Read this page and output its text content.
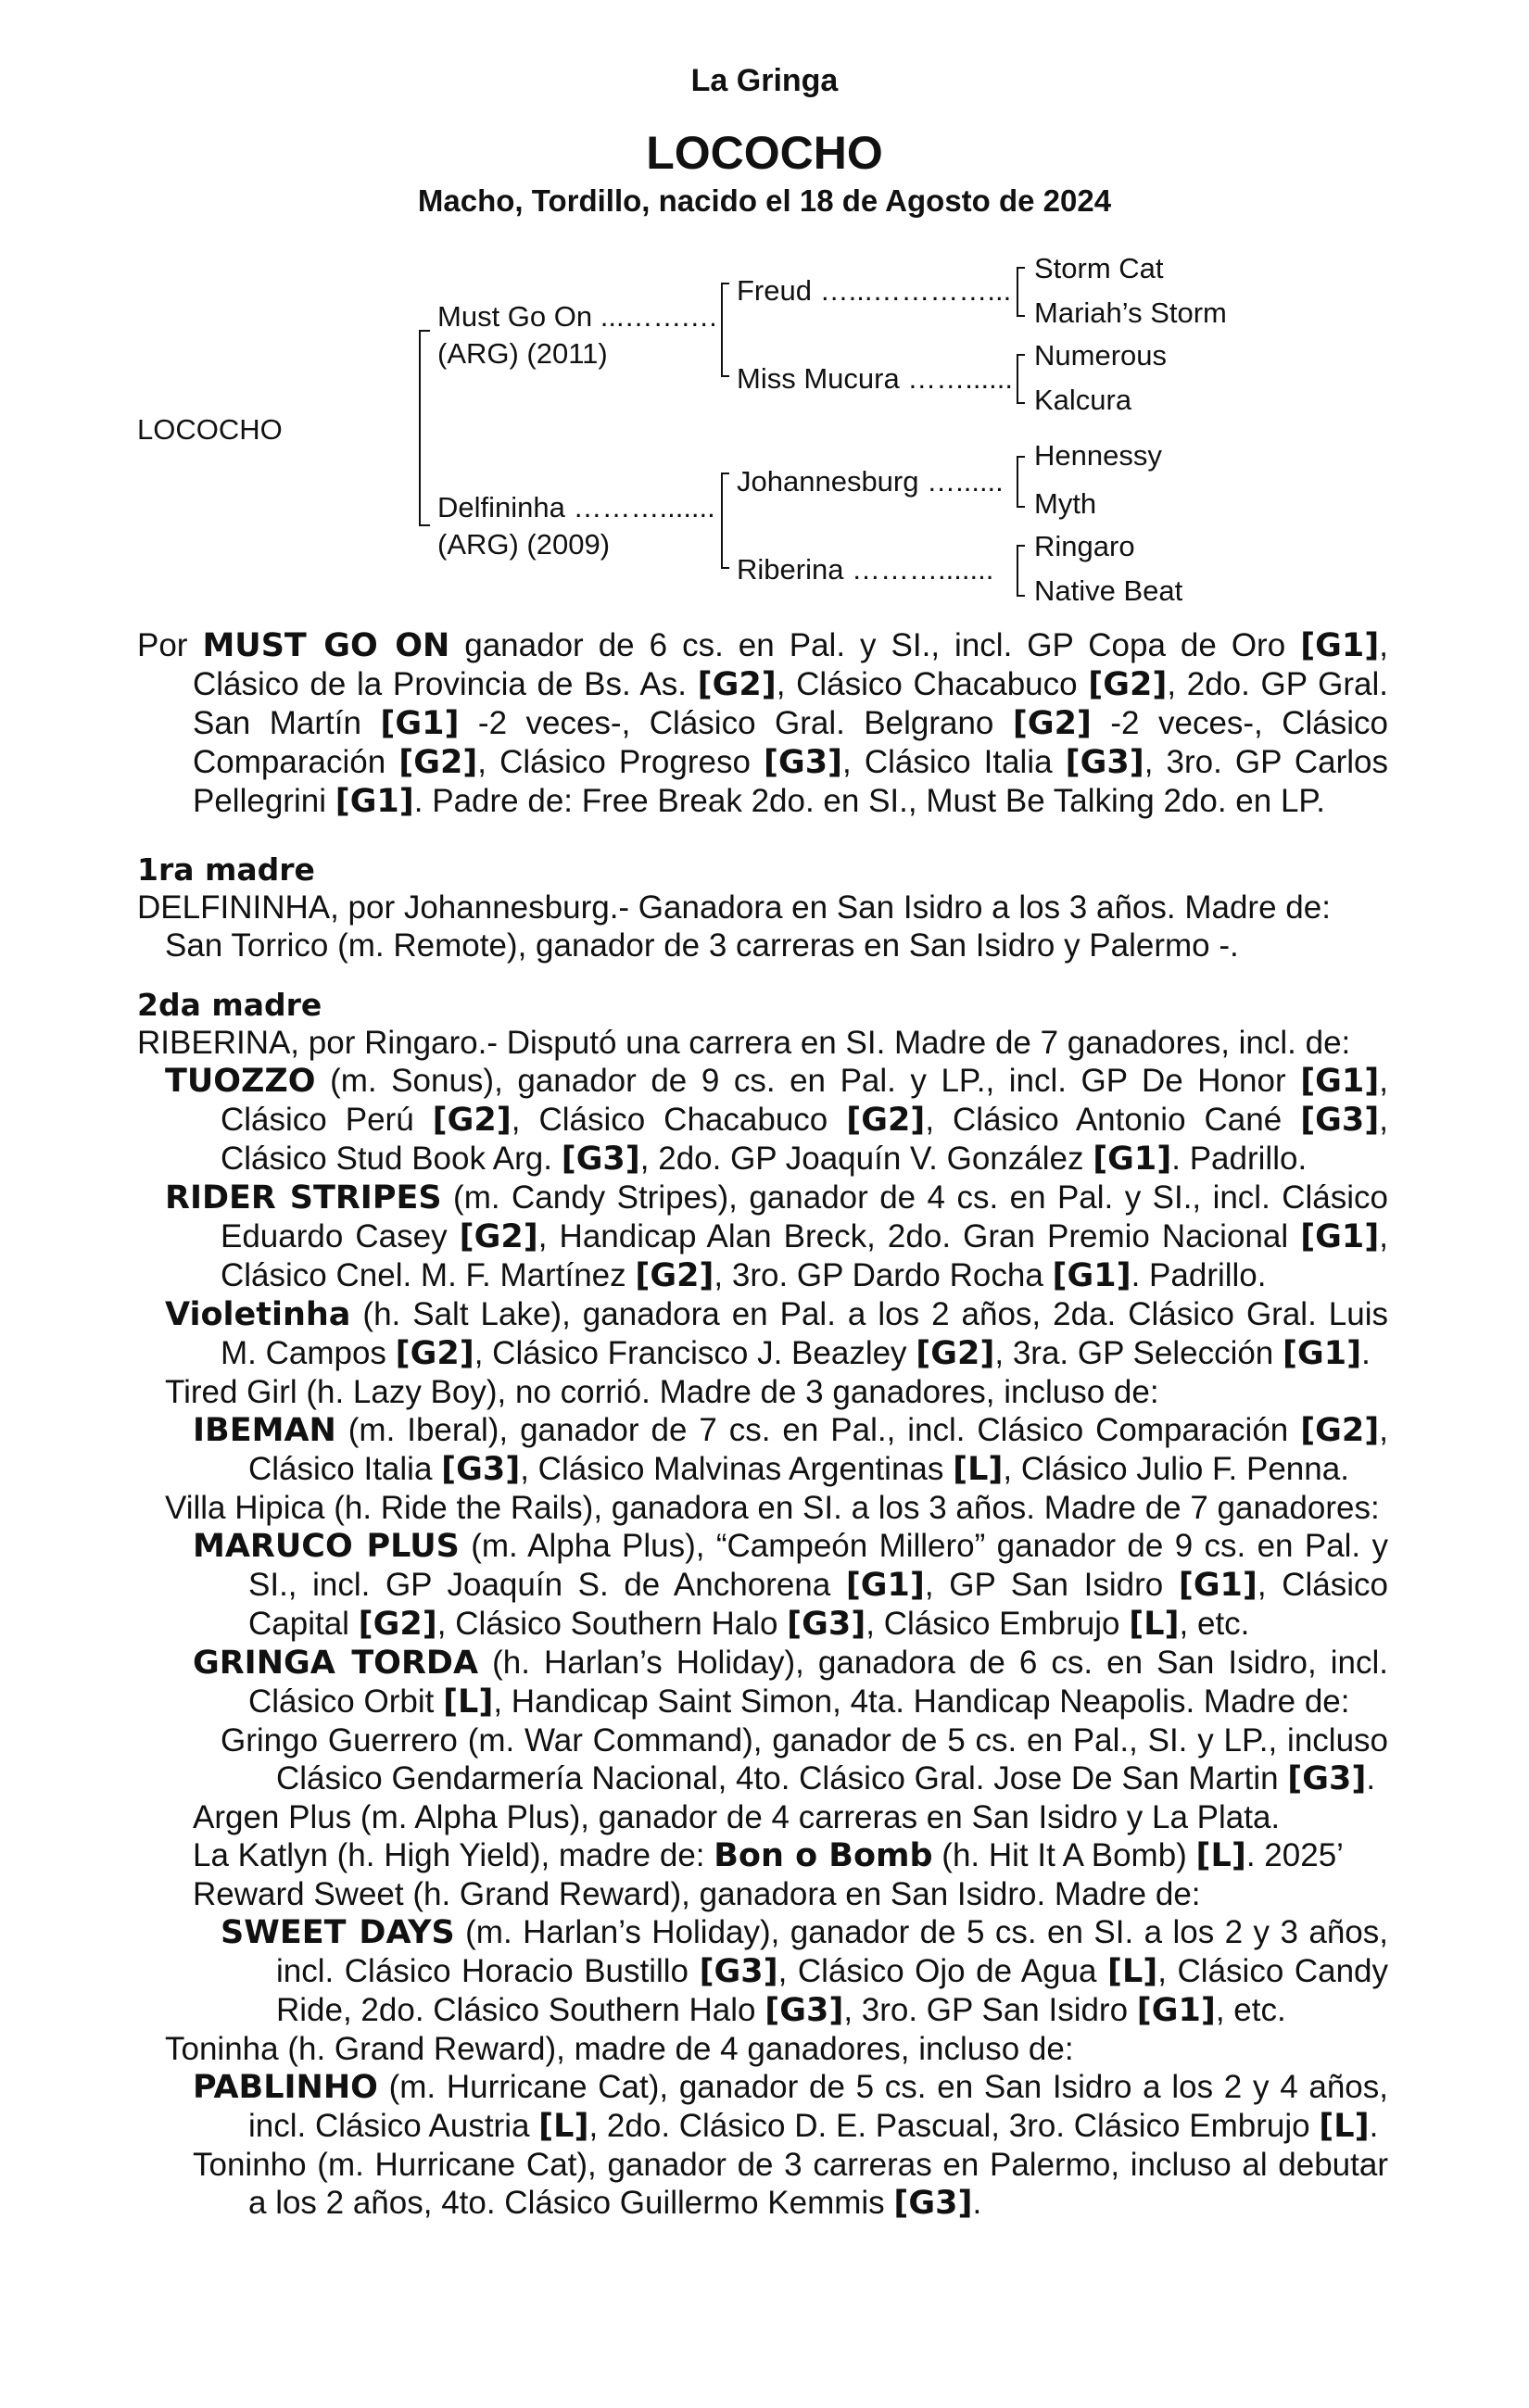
La Gringa
LOCOCHO
Macho, Tordillo, nacido el 18 de Agosto de 2024
LOCOCHO
Must Go On ...…….…
(ARG) (2011)
Delfininha ……….......
(ARG) (2009)
Freud …...…………...
Miss Mucura ……......
Johannesburg …......
Riberina ……….......
Storm Cat
Mariah’s Storm
Numerous
Kalcura
Hennessy
Myth
Ringaro
Native Beat

Por MUST GO ON ganador de 6 cs. en Pal. y SI., incl. GP Copa de Oro [G1], Clásico de la Provincia de Bs. As. [G2], Clásico Chacabuco [G2], 2do. GP Gral. San Martín [G1] -2 veces-, Clásico Gral. Belgrano [G2] -2 veces-, Clásico Comparación [G2], Clásico Progreso [G3], Clásico Italia [G3], 3ro. GP Carlos Pellegrini [G1]. Padre de: Free Break 2do. en SI., Must Be Talking 2do. en LP.

1ra madre

DELFININHA, por Johannesburg.- Ganadora en San Isidro a los 3 años. Madre de: San Torrico (m. Remote), ganador de 3 carreras en San Isidro y Palermo -.

2da madre

RIBERINA, por Ringaro.- Disputó una carrera en SI. Madre de 7 ganadores, incl. de:

TUOZZO (m. Sonus), ganador de 9 cs. en Pal. y LP., incl. GP De Honor [G1], Clásico Perú [G2], Clásico Chacabuco [G2], Clásico Antonio Cané [G3], Clásico Stud Book Arg. [G3], 2do. GP Joaquín V. González [G1]. Padrillo.

RIDER STRIPES (m. Candy Stripes), ganador de 4 cs. en Pal. y SI., incl. Clásico Eduardo Casey [G2], Handicap Alan Breck, 2do. Gran Premio Nacional [G1], Clásico Cnel. M. F. Martínez [G2], 3ro. GP Dardo Rocha [G1]. Padrillo.

Violetinha (h. Salt Lake), ganadora en Pal. a los 2 años, 2da. Clásico Gral. Luis M. Campos [G2], Clásico Francisco J. Beazley [G2], 3ra. GP Selección [G1].

Tired Girl (h. Lazy Boy), no corrió. Madre de 3 ganadores, incluso de:

IBEMAN (m. Iberal), ganador de 7 cs. en Pal., incl. Clásico Comparación [G2], Clásico Italia [G3], Clásico Malvinas Argentinas [L], Clásico Julio F. Penna.

Villa Hipica (h. Ride the Rails), ganadora en SI. a los 3 años. Madre de 7 ganadores:

MARUCO PLUS (m. Alpha Plus), “Campeón Millero” ganador de 9 cs. en Pal. y SI., incl. GP Joaquín S. de Anchorena [G1], GP San Isidro [G1], Clásico Capital [G2], Clásico Southern Halo [G3], Clásico Embrujo [L], etc.

GRINGA TORDA (h. Harlan’s Holiday), ganadora de 6 cs. en San Isidro, incl. Clásico Orbit [L], Handicap Saint Simon, 4ta. Handicap Neapolis. Madre de:

Gringo Guerrero (m. War Command), ganador de 5 cs. en Pal., SI. y LP., incluso Clásico Gendarmería Nacional, 4to. Clásico Gral. Jose De San Martin [G3].

Argen Plus (m. Alpha Plus), ganador de 4 carreras en San Isidro y La Plata.

La Katlyn (h. High Yield), madre de: Bon o Bomb (h. Hit It A Bomb) [L]. 2025’

Reward Sweet (h. Grand Reward), ganadora en San Isidro. Madre de:

SWEET DAYS (m. Harlan’s Holiday), ganador de 5 cs. en SI. a los 2 y 3 años, incl. Clásico Horacio Bustillo [G3], Clásico Ojo de Agua [L], Clásico Candy Ride, 2do. Clásico Southern Halo [G3], 3ro. GP San Isidro [G1], etc.

Toninha (h. Grand Reward), madre de 4 ganadores, incluso de:

PABLINHO (m. Hurricane Cat), ganador de 5 cs. en San Isidro a los 2 y 4 años, incl. Clásico Austria [L], 2do. Clásico D. E. Pascual, 3ro. Clásico Embrujo [L].

Toninho (m. Hurricane Cat), ganador de 3 carreras en Palermo, incluso al debutar a los 2 años, 4to. Clásico Guillermo Kemmis [G3].
